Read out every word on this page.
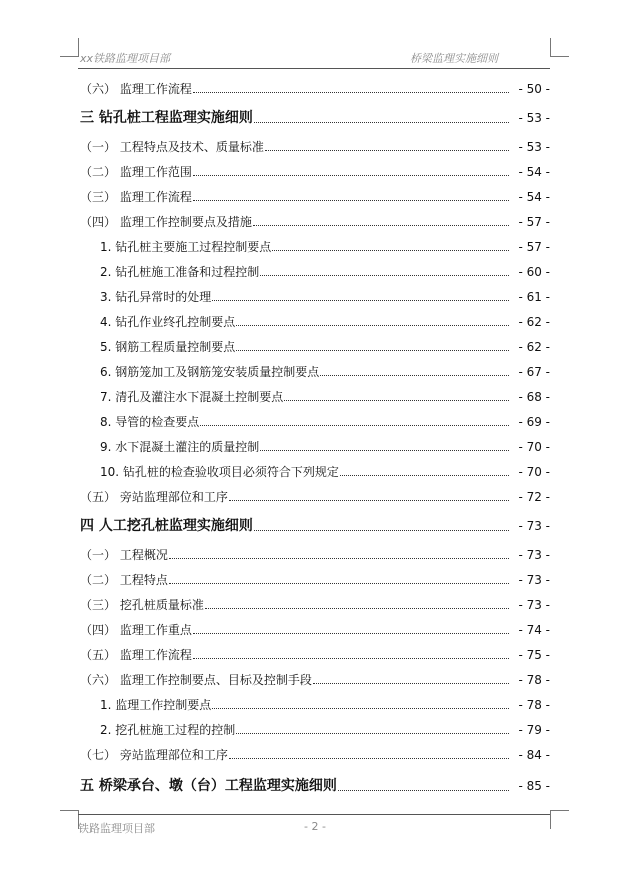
xx铁路监理项目部	桥梁监理实施细则
（六） 监理工作流程	- 50 -
三 钻孔桩工程监理实施细则	- 53 -
（一） 工程特点及技术、质量标准	- 53 -
（二） 监理工作范围	- 54 -
（三） 监理工作流程	- 54 -
（四） 监理工作控制要点及措施	- 57 -
1. 钻孔桩主要施工过程控制要点	- 57 -
2. 钻孔桩施工准备和过程控制	- 60 -
3. 钻孔异常时的处理	- 61 -
4. 钻孔作业终孔控制要点	- 62 -
5. 钢筋工程质量控制要点	- 62 -
6. 钢筋笼加工及钢筋笼安装质量控制要点	- 67 -
7. 清孔及灌注水下混凝土控制要点	- 68 -
8. 导管的检查要点	- 69 -
9. 水下混凝土灌注的质量控制	- 70 -
10. 钻孔桩的检查验收项目必须符合下列规定	- 70 -
（五） 旁站监理部位和工序	- 72 -
四 人工挖孔桩监理实施细则	- 73 -
（一） 工程概况	- 73 -
（二） 工程特点	- 73 -
（三） 挖孔桩质量标准	- 73 -
（四） 监理工作重点	- 74 -
（五） 监理工作流程	- 75 -
（六） 监理工作控制要点、目标及控制手段	- 78 -
1. 监理工作控制要点	- 78 -
2. 挖孔桩施工过程的控制	- 79 -
（七） 旁站监理部位和工序	- 84 -
五 桥梁承台、墩（台）工程监理实施细则	- 85 -
铁路监理项目部	- 2 -
